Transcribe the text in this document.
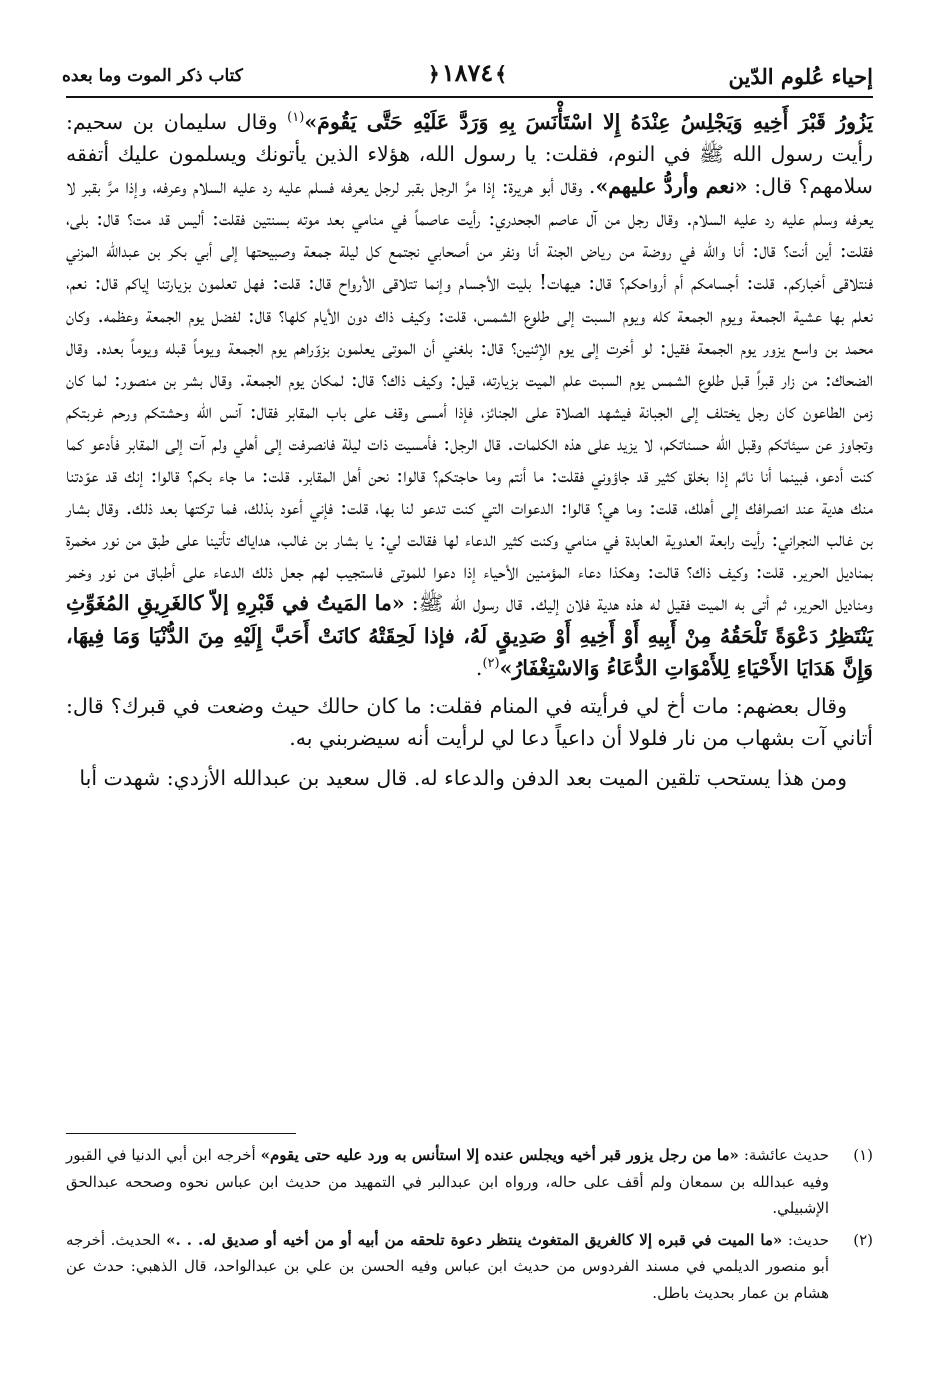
إحياء عُلوم الدّين
﴾١٨٧٤﴿
كتاب ذكر الموت وما بعده

يَزُورُ قَبْرَ أَخِيهِ وَيَجْلِسُ عِنْدَهُ إِلا اسْتَأْنَسَ بِهِ وَرَدَّ عَلَيْهِ حَتَّى يَقُومَ»$^{(١)}$ وقال سليمان بن سحيم: رأيت رسول الله ﷺ في النوم، فقلت: يا رسول الله، هؤلاء الذين يأتونك ويسلمون عليك أتفقه سلامهم؟ قال: «نعم وأردُّ عليهم». وقال أبو هريرة: إذا مرَّ الرجل بقبر لرجل يعرفه فسلم عليه رد عليه السلام وعرفه، وإذا مرَّ بقبر لا يعرفه وسلم عليه رد عليه السلام. وقال رجل من آل عاصم الجحدري: رأيت عاصماً في منامي بعد موته بسنتين فقلت: أليس قد مت؟ قال: بلى، فقلت: أين أنت؟ قال: أنا والله في روضة من رياض الجنة أنا ونفر من أصحابي نجتمع كل ليلة جمعة وصبيحتها إلى أبي بكر بن عبدالله المزني فنتلاقى أخباركم. قلت: أجسامكم أم أرواحكم؟ قال: هيهات! بليت الأجسام وإنما تتلاقى الأرواح قال: قلت: فهل تعلمون بزيارتنا إياكم قال: نعم، نعلم بها عشية الجمعة ويوم الجمعة كله ويوم السبت إلى طلوع الشمس، قلت: وكيف ذاك دون الأيام كلها؟ قال: لفضل يوم الجمعة وعظمه. وكان محمد بن واسع يزور يوم الجمعة فقيل: لو أخرت إلى يوم الإثنين؟ قال: بلغني أن الموتى يعلمون بزوّراهم يوم الجمعة ويوماً قبله ويوماً بعده. وقال الضحاك: من زار قبراً قبل طلوع الشمس يوم السبت علم الميت بزيارته، قيل: وكيف ذاك؟ قال: لمكان يوم الجمعة. وقال بشر بن منصور: لما كان زمن الطاعون كان رجل يختلف إلى الجبانة فيشهد الصلاة على الجنائز، فإذا أمسى وقف على باب المقابر فقال: آنس الله وحشتكم ورحم غربتكم وتجاوز عن سيئاتكم وقبل الله حسناتكم، لا يزيد على هذه الكلمات. قال الرجل: فأمسيت ذات ليلة فانصرفت إلى أهلي ولم آت إلى المقابر فأدعو كما كنت أدعو، فبينما أنا نائم إذا بخلق كثير قد جاؤوني فقلت: ما أنتم وما حاجتكم؟ قالوا: نحن أهل المقابر. قلت: ما جاء بكم؟ قالوا: إنك قد عوّدتنا منك هدية عند انصرافك إلى أهلك، قلت: وما هي؟ قالوا: الدعوات التي كنت تدعو لنا بها، قلت: فإني أعود بذلك، فما تركتها بعد ذلك. وقال بشار بن غالب النجراني: رأيت رابعة العدوية العابدة في منامي وكنت كثير الدعاء لها فقالت لي: يا بشار بن غالب، هداياك تأتينا على طبق من نور مخمرة بمناديل الحرير. قلت: وكيف ذاك؟ قالت: وهكذا دعاء المؤمنين الأحياء إذا دعوا للموتى فاستجيب لهم جعل ذلك الدعاء على أطباق من نور وخمر ومناديل الحرير، ثم أتى به الميت فقيل له هذه هدية فلان إليك. قال رسول الله ﷺ: «ما المَيتُ في قَبْرِهِ إلاّ كالغَرِيقِ المُغَوِّثِ يَنْتَظِرُ دَعْوَةً تَلْحَقُهُ مِنْ أَبِيهِ أَوْ أَخِيهِ أَوْ صَدِيقٍ لَهُ، فإذا لَحِقَتْهُ كانَتْ أَحَبَّ إِلَيْهِ مِنَ الدُّنْيَا وَمَا فِيهَا، وَإِنَّ هَدَايَا الأَحْيَاءِ لِلأَمْوَاتِ الدُّعَاءُ وَالاسْتِغْفَارُ»$^{(٢)}$.

وقال بعضهم: مات أخ لي فرأيته في المنام فقلت: ما كان حالك حيث وضعت في قبرك؟ قال: أتاني آت بشهاب من نار فلولا أن داعياً دعا لي لرأيت أنه سيضربني به.

ومن هذا يستحب تلقين الميت بعد الدفن والدعاء له. قال سعيد بن عبدالله الأزدي: شهدت أبا

(١)
حديث عائشة: «ما من رجل يزور قبر أخيه ويجلس عنده إلا استأنس به ورد عليه حتى يقوم» أخرجه ابن أبي الدنيا في القبور وفيه عبدالله بن سمعان ولم أقف على حاله، ورواه ابن عبدالبر في التمهيد من حديث ابن عباس نحوه وصححه عبدالحق الإشبيلي.
(٢)
حديث: «ما الميت في قبره إلا كالغريق المتغوث ينتظر دعوة تلحقه من أبيه أو من أخيه أو صديق له. . .» الحديث. أخرجه أبو منصور الديلمي في مسند الفردوس من حديث ابن عباس وفيه الحسن بن علي بن عبدالواحد، قال الذهبي: حدث عن هشام بن عمار بحديث باطل.
